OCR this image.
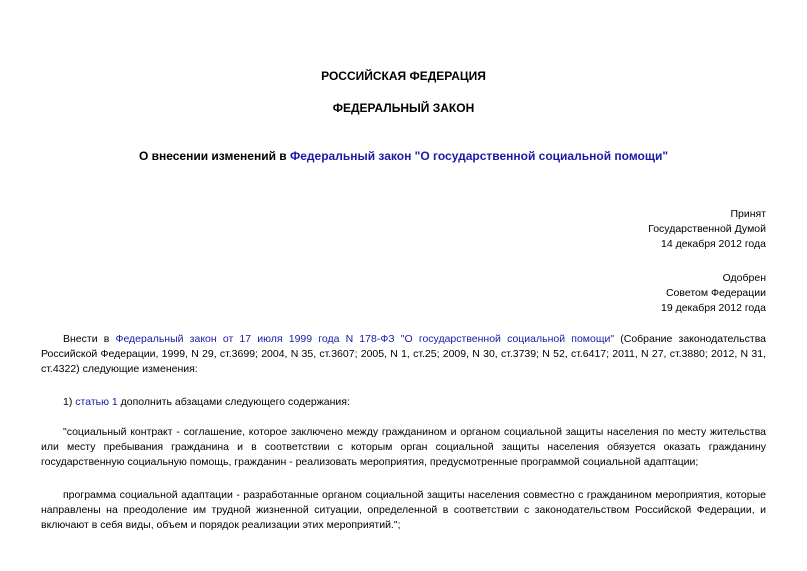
РОССИЙСКАЯ ФЕДЕРАЦИЯ
ФЕДЕРАЛЬНЫЙ ЗАКОН
О внесении изменений в Федеральный закон "О государственной социальной помощи"
Принят
Государственной Думой
14 декабря 2012 года
Одобрен
Советом Федерации
19 декабря 2012 года
Внести в Федеральный закон от 17 июля 1999 года N 178-ФЗ "О государственной социальной помощи" (Собрание законодательства Российской Федерации, 1999, N 29, ст.3699; 2004, N 35, ст.3607; 2005, N 1, ст.25; 2009, N 30, ст.3739; N 52, ст.6417; 2011, N 27, ст.3880; 2012, N 31, ст.4322) следующие изменения:
1) статью 1 дополнить абзацами следующего содержания:
"социальный контракт - соглашение, которое заключено между гражданином и органом социальной защиты населения по месту жительства или месту пребывания гражданина и в соответствии с которым орган социальной защиты населения обязуется оказать гражданину государственную социальную помощь, гражданин - реализовать мероприятия, предусмотренные программой социальной адаптации;
программа социальной адаптации - разработанные органом социальной защиты населения совместно с гражданином мероприятия, которые направлены на преодоление им трудной жизненной ситуации, определенной в соответствии с законодательством Российской Федерации, и включают в себя виды, объем и порядок реализации этих мероприятий.";
